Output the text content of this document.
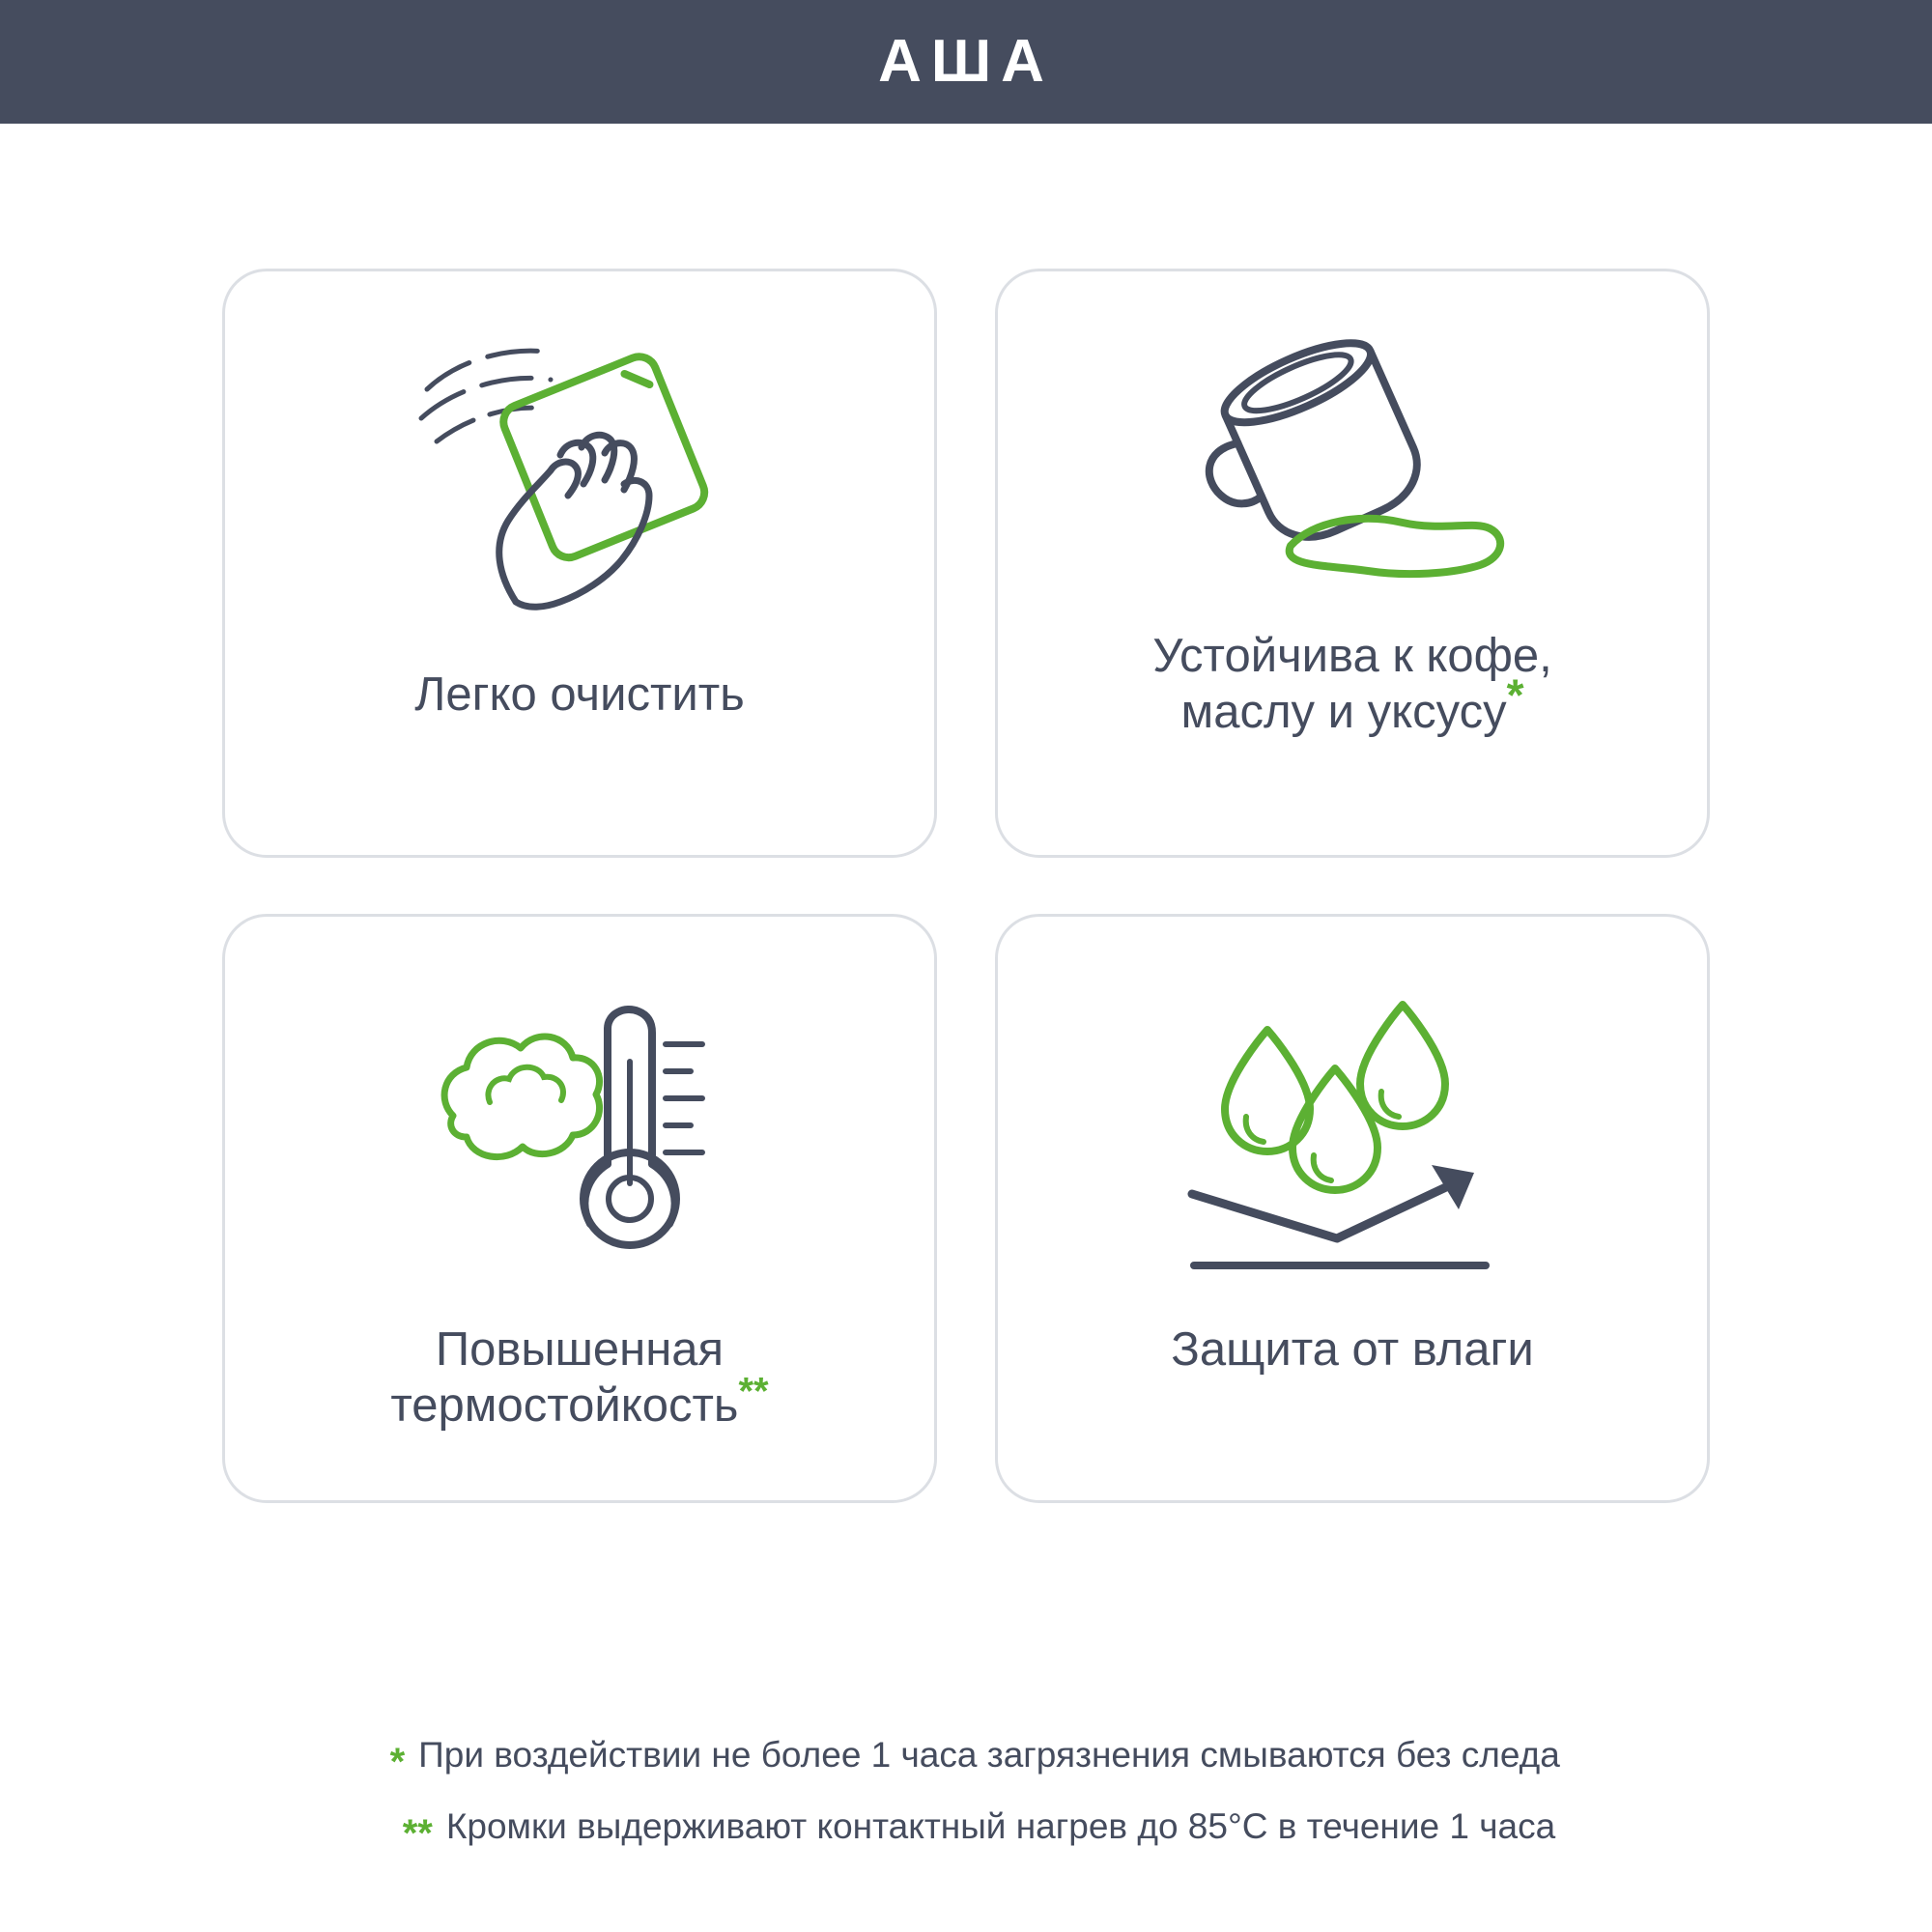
AШA
Легко очистить
Устойчива к кофе,
маслу и уксусу*
Повышенная
термостойкость**
Защита от влаги
* При воздействии не более 1 часа загрязнения смываются без следа
** Кромки выдерживают контактный нагрев до 85°C в течение 1 часа
